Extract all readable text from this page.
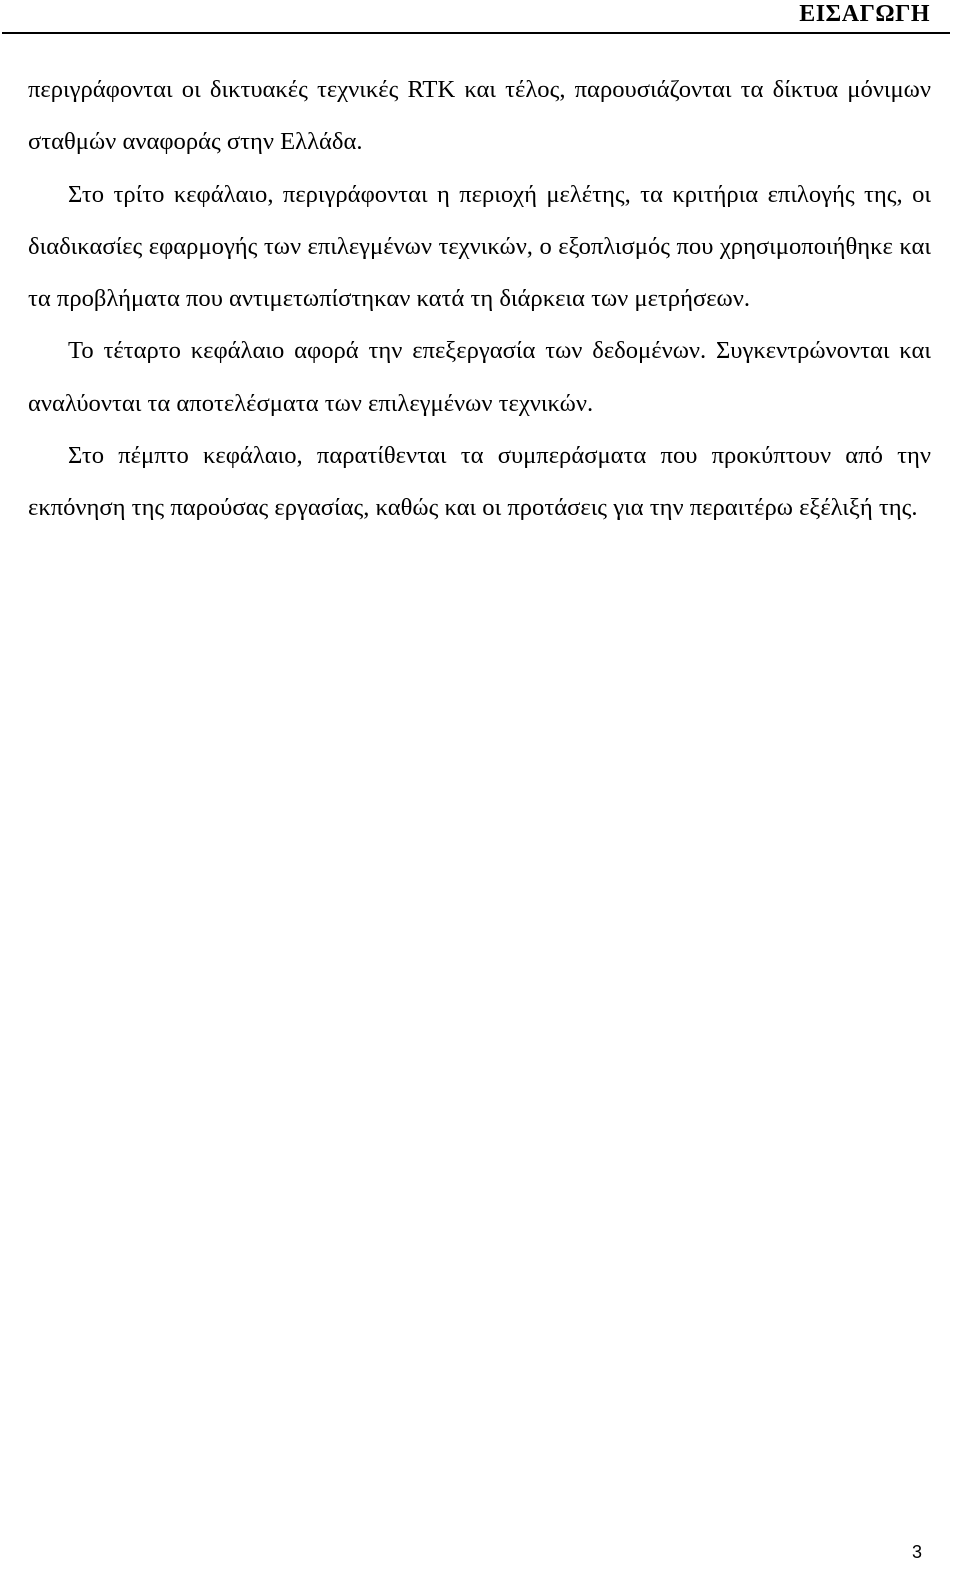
ΕΙΣΑΓΩΓΗ

περιγράφονται οι δικτυακές τεχνικές RTK και τέλος, παρουσιάζονται τα δίκτυα μόνιμων σταθμών αναφοράς στην Ελλάδα.

Στο τρίτο κεφάλαιο, περιγράφονται η περιοχή μελέτης, τα κριτήρια επιλογής της, οι διαδικασίες εφαρμογής των επιλεγμένων τεχνικών, ο εξοπλισμός που χρησιμοποιήθηκε και τα προβλήματα που αντιμετωπίστηκαν κατά τη διάρκεια των μετρήσεων.

Το τέταρτο κεφάλαιο αφορά την επεξεργασία των δεδομένων. Συγκεντρώνονται και αναλύονται τα αποτελέσματα των επιλεγμένων τεχνικών.

Στο πέμπτο κεφάλαιο, παρατίθενται τα συμπεράσματα που προκύπτουν από την εκπόνηση της παρούσας εργασίας, καθώς και οι προτάσεις για την περαιτέρω εξέλιξή της.

3
